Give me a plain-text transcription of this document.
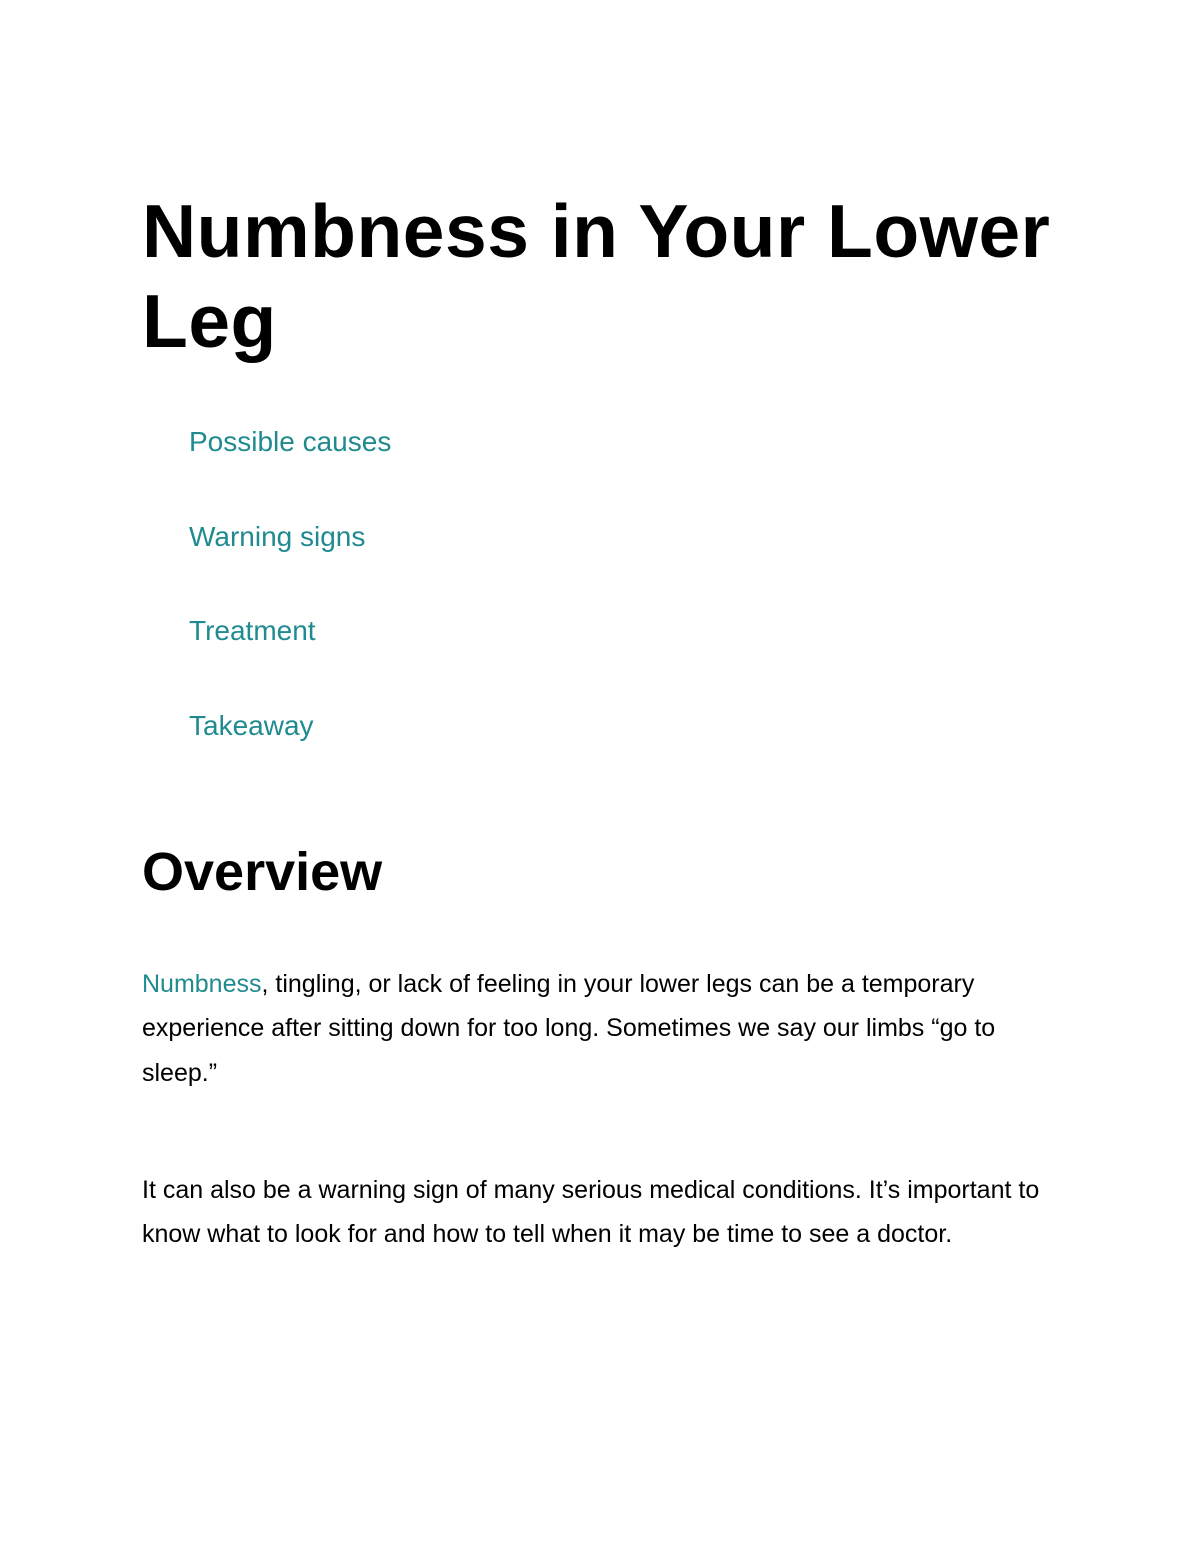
Numbness in Your Lower Leg
Possible causes
Warning signs
Treatment
Takeaway
Overview

Numbness, tingling, or lack of feeling in your lower legs can be a temporary experience after sitting down for too long. Sometimes we say our limbs “go to sleep.”

It can also be a warning sign of many serious medical conditions. It’s important to know what to look for and how to tell when it may be time to see a doctor.
